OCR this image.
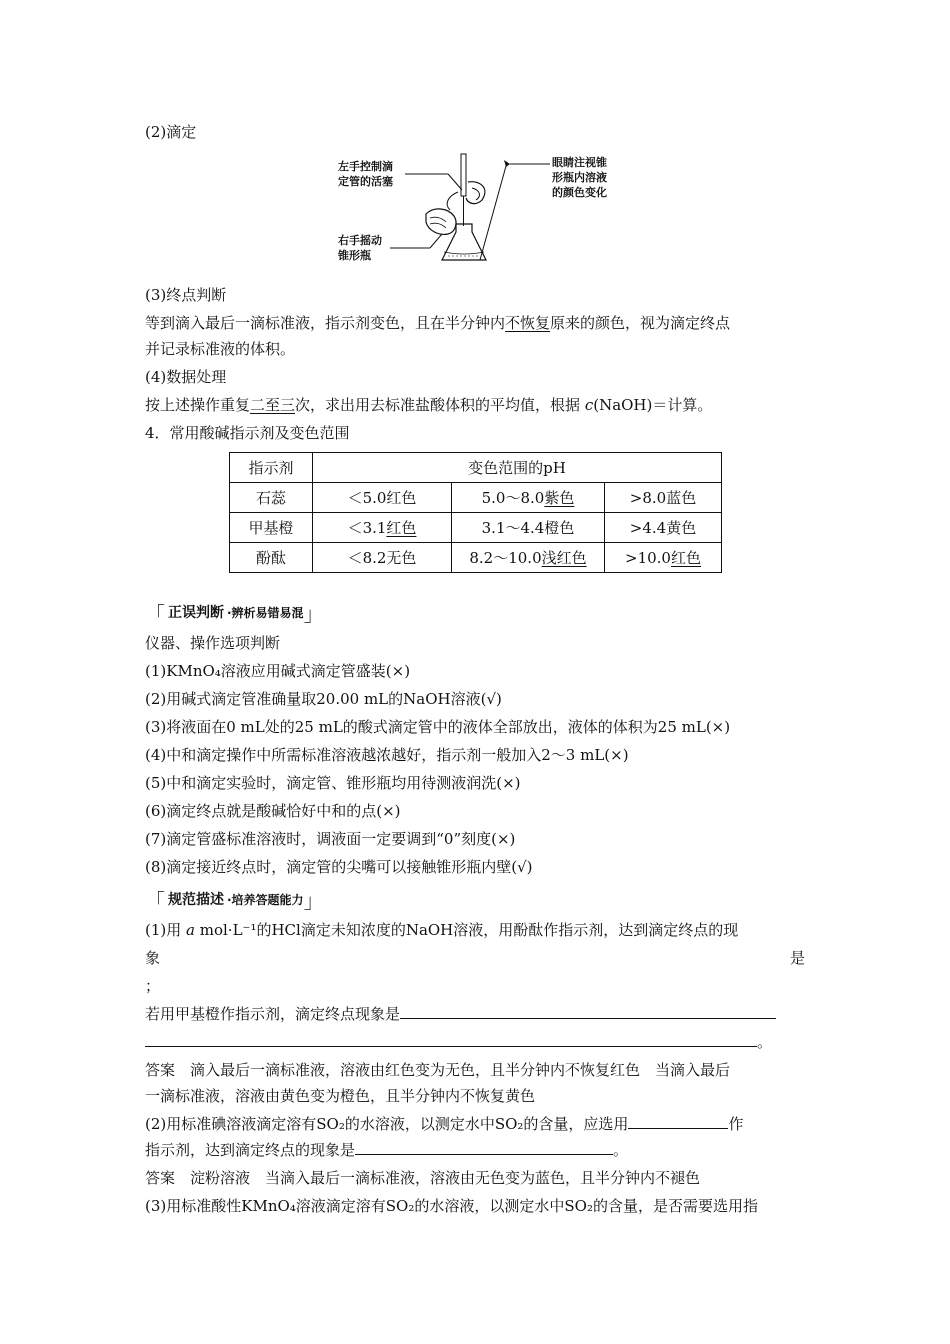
(2)滴定
左手控制滴
定管的活塞
右手摇动
锥形瓶
眼睛注视锥
形瓶内溶液
的颜色变化
(3)终点判断
等到滴入最后一滴标准液，指示剂变色，且在半分钟内不恢复原来的颜色，视为滴定终点
并记录标准液的体积。
(4)数据处理
按上述操作重复二至三次，求出用去标准盐酸体积的平均值，根据 c(NaOH)＝计算。
4．常用酸碱指示剂及变色范围
指示剂	变色范围的pH		
石蕊	＜5.0红色	5.0～8.0紫色	>8.0蓝色
甲基橙	＜3.1红色	3.1～4.4橙色	>4.4黄色
酚酞	＜8.2无色	8.2～10.0浅红色	>10.0红色
「 正误判断 ·辨析易错易混 」
仪器、操作选项判断
(1)KMnO₄溶液应用碱式滴定管盛装(×)
(2)用碱式滴定管准确量取20.00 mL的NaOH溶液(√)
(3)将液面在0 mL处的25 mL的酸式滴定管中的液体全部放出，液体的体积为25 mL(×)
(4)中和滴定操作中所需标准溶液越浓越好，指示剂一般加入2～3 mL(×)
(5)中和滴定实验时，滴定管、锥形瓶均用待测液润洗(×)
(6)滴定终点就是酸碱恰好中和的点(×)
(7)滴定管盛标准溶液时，调液面一定要调到“0”刻度(×)
(8)滴定接近终点时，滴定管的尖嘴可以接触锥形瓶内壁(√)
「 规范描述 ·培养答题能力 」
(1)用 a mol·L⁻¹的HCl滴定未知浓度的NaOH溶液，用酚酞作指示剂，达到滴定终点的现
象	是
；
若用甲基橙作指示剂，滴定终点现象是
。
答案　滴入最后一滴标准液，溶液由红色变为无色，且半分钟内不恢复红色　当滴入最后
一滴标准液，溶液由黄色变为橙色，且半分钟内不恢复黄色
(2)用标准碘溶液滴定溶有SO₂的水溶液，以测定水中SO₂的含量，应选用	作
指示剂，达到滴定终点的现象是	。
答案　淀粉溶液　当滴入最后一滴标准液，溶液由无色变为蓝色，且半分钟内不褪色
(3)用标准酸性KMnO₄溶液滴定溶有SO₂的水溶液，以测定水中SO₂的含量，是否需要选用指
